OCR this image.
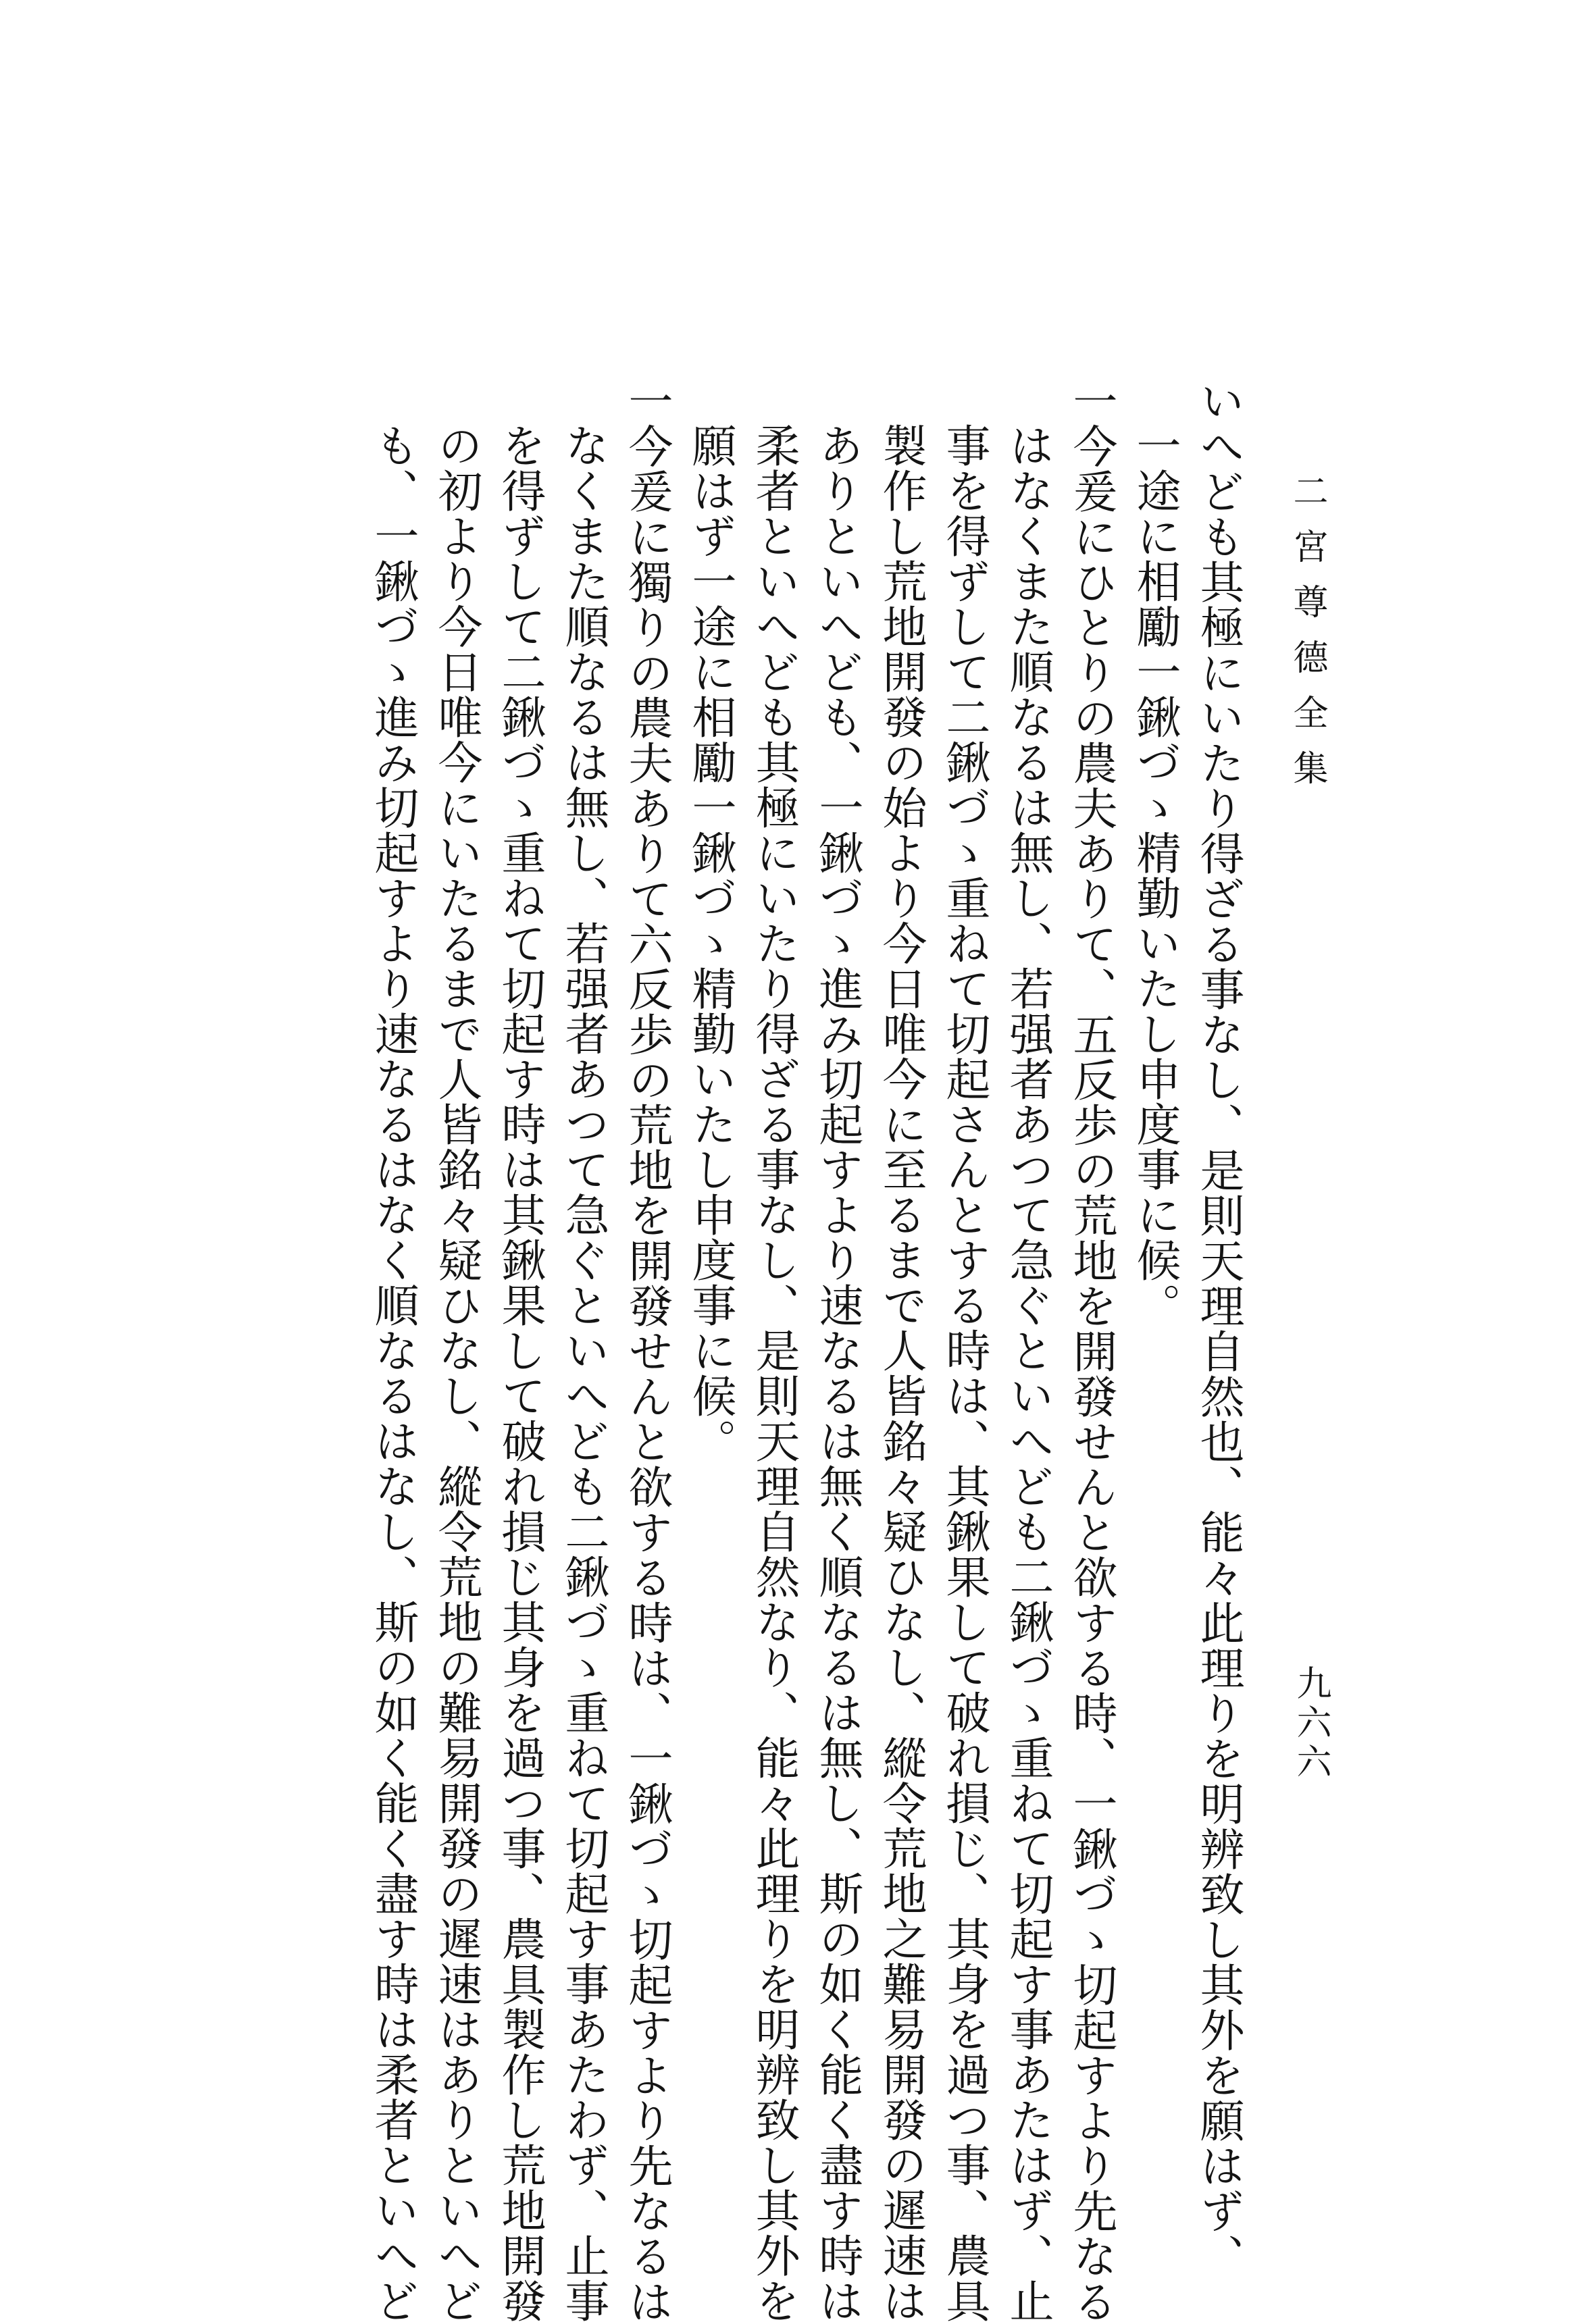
二宮尊德全集
九六六

いへども其極にいたり得ざる事なし、是則天理自然也、能々此理りを明辨致し其外を願はず、

一途に相勵一鍬づゝ精勤いたし申度事に候。

一今爰にひとりの農夫ありて、五反歩の荒地を開發せんと欲する時、一鍬づゝ切起すより先なる

はなくまた順なるは無し、若强者あつて急ぐといへども二鍬づゝ重ねて切起す事あたはず、止

事を得ずして二鍬づゝ重ねて切起さんとする時は、其鍬果して破れ損じ、其身を過つ事、農具

製作し荒地開發の始より今日唯今に至るまで人皆銘々疑ひなし、縱令荒地之難易開發の遲速は

ありといへども、一鍬づゝ進み切起すより速なるは無く順なるは無し、斯の如く能く盡す時は

柔者といへども其極にいたり得ざる事なし、是則天理自然なり、能々此理りを明辨致し其外を

願はず一途に相勵一鍬づゝ精勤いたし申度事に候。

一今爰に獨りの農夫ありて六反歩の荒地を開發せんと欲する時は、一鍬づゝ切起すより先なるは

なくまた順なるは無し、若强者あつて急ぐといへども二鍬づゝ重ねて切起す事あたわず、止事

を得ずして二鍬づゝ重ねて切起す時は其鍬果して破れ損じ其身を過つ事、農具製作し荒地開發

の初より今日唯今にいたるまで人皆銘々疑ひなし、縱令荒地の難易開發の遲速はありといへど

も、一鍬づゝ進み切起すより速なるはなく順なるはなし、斯の如く能く盡す時は柔者といへど
